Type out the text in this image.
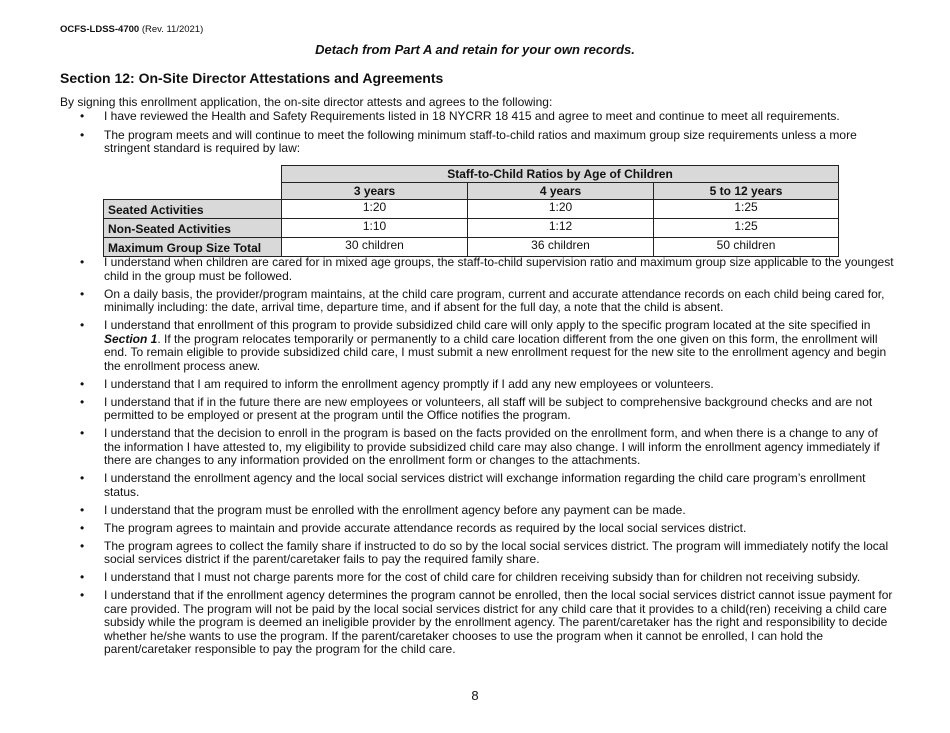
OCFS-LDSS-4700 (Rev. 11/2021)
Detach from Part A and retain for your own records.
Section 12: On-Site Director Attestations and Agreements
By signing this enrollment application, the on-site director attests and agrees to the following:
• I have reviewed the Health and Safety Requirements listed in 18 NYCRR 18 415 and agree to meet and continue to meet all requirements.
• The program meets and will continue to meet the following minimum staff-to-child ratios and maximum group size requirements unless a more stringent standard is required by law:
	Staff-to-Child Ratios by Age of Children		
	3 years	4 years	5 to 12 years
Seated Activities	1:20	1:20	1:25
Non-Seated Activities	1:10	1:12	1:25
Maximum Group Size Total	30 children	36 children	50 children
• I understand when children are cared for in mixed age groups, the staff-to-child supervision ratio and maximum group size applicable to the youngest child in the group must be followed.
• On a daily basis, the provider/program maintains, at the child care program, current and accurate attendance records on each child being cared for, minimally including: the date, arrival time, departure time, and if absent for the full day, a note that the child is absent.
• I understand that enrollment of this program to provide subsidized child care will only apply to the specific program located at the site specified in Section 1. If the program relocates temporarily or permanently to a child care location different from the one given on this form, the enrollment will end. To remain eligible to provide subsidized child care, I must submit a new enrollment request for the new site to the enrollment agency and begin the enrollment process anew.
• I understand that I am required to inform the enrollment agency promptly if I add any new employees or volunteers.
• I understand that if in the future there are new employees or volunteers, all staff will be subject to comprehensive background checks and are not permitted to be employed or present at the program until the Office notifies the program.
• I understand that the decision to enroll in the program is based on the facts provided on the enrollment form, and when there is a change to any of the information I have attested to, my eligibility to provide subsidized child care may also change. I will inform the enrollment agency immediately if there are changes to any information provided on the enrollment form or changes to the attachments.
• I understand the enrollment agency and the local social services district will exchange information regarding the child care program’s enrollment status.
• I understand that the program must be enrolled with the enrollment agency before any payment can be made.
• The program agrees to maintain and provide accurate attendance records as required by the local social services district.
• The program agrees to collect the family share if instructed to do so by the local social services district. The program will immediately notify the local social services district if the parent/caretaker fails to pay the required family share.
• I understand that I must not charge parents more for the cost of child care for children receiving subsidy than for children not receiving subsidy.
• I understand that if the enrollment agency determines the program cannot be enrolled, then the local social services district cannot issue payment for care provided. The program will not be paid by the local social services district for any child care that it provides to a child(ren) receiving a child care subsidy while the program is deemed an ineligible provider by the enrollment agency. The parent/caretaker has the right and responsibility to decide whether he/she wants to use the program. If the parent/caretaker chooses to use the program when it cannot be enrolled, I can hold the parent/caretaker responsible to pay the program for the child care.
8
